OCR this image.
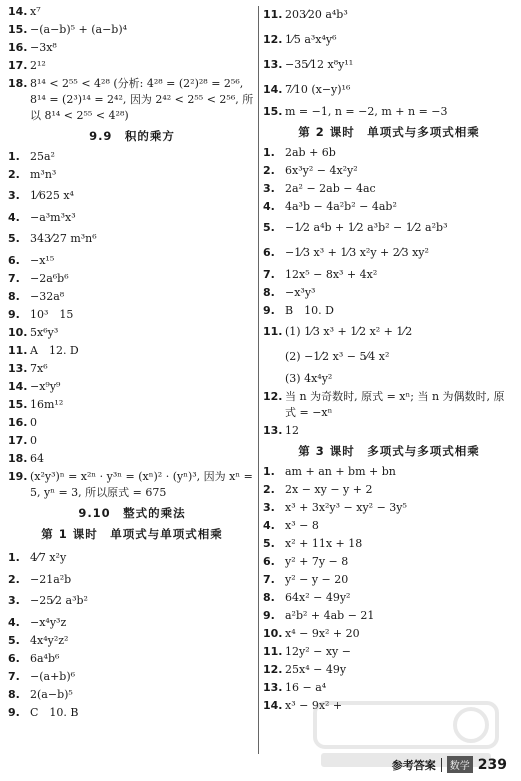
14. x⁷
15. −(a−b)⁵ + (a−b)⁴
16. −3x⁸
17. 2¹²
18. 8¹⁴ < 2⁵⁵ < 4²⁸ (分析: 4²⁸ = (2²)²⁸ = 2⁵⁶, 8¹⁴ = (2³)¹⁴ = 2⁴², 因为 2⁴² < 2⁵⁵ < 2⁵⁶, 所以 8¹⁴ < 2⁵⁵ < 4²⁸)
9.9　积的乘方
1. 25a²
2. m³n³
3. 1⁄625 x⁴
4. −a³m³x³
5. 343⁄27 m³n⁶
6. −x¹⁵
7. −2a⁶b⁶
8. −32a⁸
9. 10³　15
10. 5x⁶y³
11. A　12. D
13. 7x⁶
14. −x⁹y⁹
15. 16m¹²
16. 0
17. 0
18. 64
19. (x²y³)ⁿ = x²ⁿ · y³ⁿ = (xⁿ)² · (yⁿ)³, 因为 xⁿ = 5, yⁿ = 3, 所以原式 = 675
9.10　整式的乘法
第 1 课时　单项式与单项式相乘
1. 4⁄7 x²y
2. −21a²b
3. −25⁄2 a³b²
4. −x⁴y³z
5. 4x⁴y²z²
6. 6a⁴b⁶
7. −(a+b)⁶
8. 2(a−b)⁵
9. C　10. B
11. 203⁄20 a⁴b³
12. 1⁄5 a³x⁴y⁶
13. −35⁄12 x⁸y¹¹
14. 7⁄10 (x−y)¹⁶
15. m = −1, n = −2, m + n = −3
第 2 课时　单项式与多项式相乘
1. 2ab + 6b
2. 6x³y² − 4x²y²
3. 2a² − 2ab − 4ac
4. 4a³b − 4a²b² − 4ab²
5. −1⁄2 a⁴b + 1⁄2 a³b² − 1⁄2 a²b³
6. −1⁄3 x³ + 1⁄3 x²y + 2⁄3 xy²
7. 12x⁵ − 8x³ + 4x²
8. −x³y³
9. B　10. D
11. (1) 1⁄3 x³ + 1⁄2 x² + 1⁄2
(2) −1⁄2 x³ − 5⁄4 x²
(3) 4x⁴y²
12. 当 n 为奇数时, 原式 = xⁿ; 当 n 为偶数时, 原式 = −xⁿ
13. 12
第 3 课时　多项式与多项式相乘
1. am + an + bm + bn
2. 2x − xy − y + 2
3. x³ + 3x²y³ − xy² − 3y⁵
4. x³ − 8
5. x² + 11x + 18
6. y² + 7y − 8
7. y² − y − 20
8. 64x² − 49y²
9. a²b² + 4ab − 21
10. x⁴ − 9x² + 20
11. 12y² − xy −
12. 25x⁴ − 49y
13. 16 − a⁴
14. x³ − 9x² +
参考答案	数学 239
